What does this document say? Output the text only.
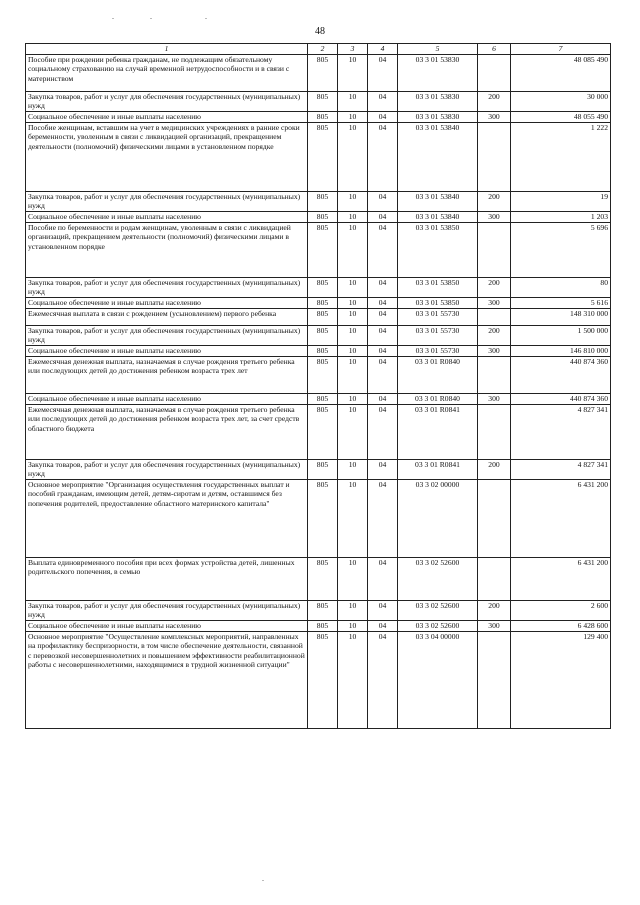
48
1	2	3	4	5	6	7
Пособие при рождении ребенка гражданам, не подлежащим обязательному социальному страхованию на случай временной нетрудоспособности и в связи с материнством	805	10	04	03 3 01 53830		48 085 490
Закупка товаров, работ и услуг для обеспечения государственных (муниципальных) нужд	805	10	04	03 3 01 53830	200	30 000
Социальное обеспечение и иные выплаты населению	805	10	04	03 3 01 53830	300	48 055 490
Пособие женщинам, вставшим на учет в медицинских учреждениях в ранние сроки беременности, уволенным в связи с ликвидацией организаций, прекращением деятельности (полномочий) физическими лицами в установленном порядке	805	10	04	03 3 01 53840		1 222
Закупка товаров, работ и услуг для обеспечения государственных (муниципальных) нужд	805	10	04	03 3 01 53840	200	19
Социальное обеспечение и иные выплаты населению	805	10	04	03 3 01 53840	300	1 203
Пособие по беременности и родам женщинам, уволенным в связи с ликвидацией организаций, прекращением деятельности (полномочий) физическими лицами в установленном порядке	805	10	04	03 3 01 53850		5 696
Закупка товаров, работ и услуг для обеспечения государственных (муниципальных) нужд	805	10	04	03 3 01 53850	200	80
Социальное обеспечение и иные выплаты населению	805	10	04	03 3 01 53850	300	5 616
Ежемесячная выплата в связи с рождением (усыновлением) первого ребенка	805	10	04	03 3 01 55730		148 310 000
Закупка товаров, работ и услуг для обеспечения государственных (муниципальных) нужд	805	10	04	03 3 01 55730	200	1 500 000
Социальное обеспечение и иные выплаты населению	805	10	04	03 3 01 55730	300	146 810 000
Ежемесячная денежная выплата, назначаемая в случае рождения третьего ребенка или последующих детей до достижения ребенком возраста трех лет	805	10	04	03 3 01 R0840		440 874 360
Социальное обеспечение и иные выплаты населению	805	10	04	03 3 01 R0840	300	440 874 360
Ежемесячная денежная выплата, назначаемая в случае рождения третьего ребенка или последующих детей до достижения ребенком возраста трех лет, за счет средств областного бюджета	805	10	04	03 3 01 R0841		4 827 341
Закупка товаров, работ и услуг для обеспечения государственных (муниципальных) нужд	805	10	04	03 3 01 R0841	200	4 827 341
Основное мероприятие "Организация осуществления государственных выплат и пособий гражданам, имеющим детей, детям-сиротам и детям, оставшимся без попечения родителей, предоставление областного материнского капитала"	805	10	04	03 3 02 00000		6 431 200
Выплата единовременного пособия при всех формах устройства детей, лишенных родительского попечения, в семью	805	10	04	03 3 02 52600		6 431 200
Закупка товаров, работ и услуг для обеспечения государственных (муниципальных) нужд	805	10	04	03 3 02 52600	200	2 600
Социальное обеспечение и иные выплаты населению	805	10	04	03 3 02 52600	300	6 428 600
Основное мероприятие "Осуществление комплексных мероприятий, направленных на профилактику беспризорности, в том числе обеспечение деятельности, связанной с перевозкой несовершеннолетних и повышением эффективности реабилитационной работы с несовершеннолетними, находящимися в трудной жизненной ситуации"	805	10	04	03 3 04 00000		129 400
